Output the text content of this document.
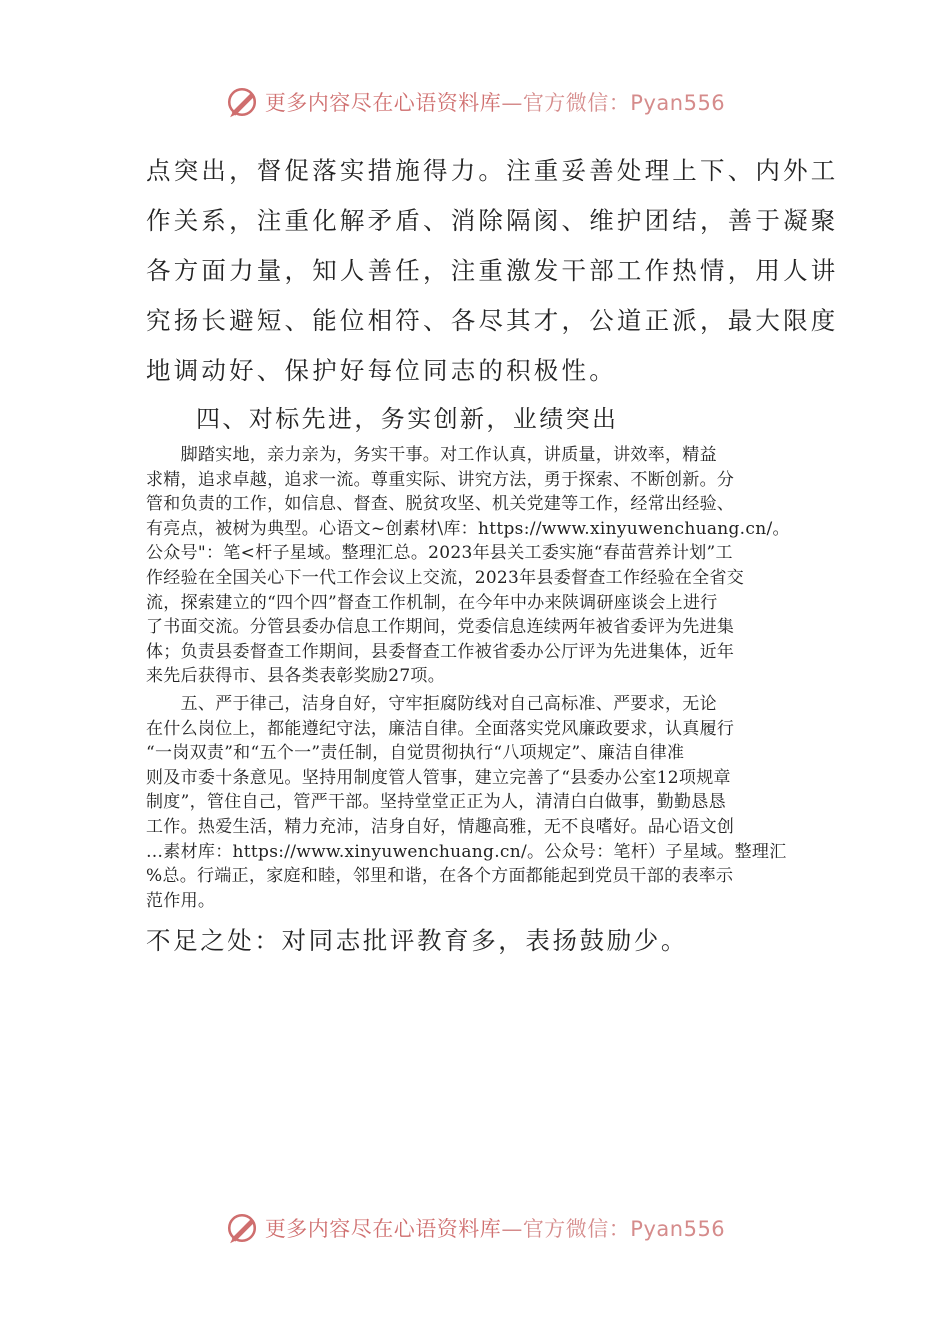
更多内容尽在心语资料库 —官方微信：Pyan556

点突出，督促落实措施得力。注重妥善处理上下、内外工

作关系，注重化解矛盾、消除隔阂、维护团结，善于凝聚

各方面力量，知人善任，注重激发干部工作热情，用人讲

究扬长避短、能位相符、各尽其才，公道正派，最大限度

地调动好、保护好每位同志的积极性。

四、对标先进，务实创新，业绩突出

　　脚踏实地，亲力亲为，务实干事。对工作认真，讲质量，讲效率，精益

求精，追求卓越，追求一流。尊重实际、讲究方法，勇于探索、不断创新。分

管和负责的工作，如信息、督查、脱贫攻坚、机关党建等工作，经常出经验、

有亮点，被树为典型。心语文~创素材\库：https://www.xinyuwenchuang.cn/。

公众号"：笔<杆子星域。整理汇总。2023年县关工委实施“春苗营养计划”工

作经验在全国关心下一代工作会议上交流，2023年县委督查工作经验在全省交

流，探索建立的“四个四”督查工作机制，在今年中办来陕调研座谈会上进行

了书面交流。分管县委办信息工作期间，党委信息连续两年被省委评为先进集

体；负责县委督查工作期间，县委督查工作被省委办公厅评为先进集体，近年

来先后获得市、县各类表彰奖励27项。

　　五、严于律己，洁身自好，守牢拒腐防线对自己高标准、严要求，无论

在什么岗位上，都能遵纪守法，廉洁自律。全面落实党风廉政要求，认真履行

“一岗双责”和“五个一”责任制，自觉贯彻执行“八项规定”、廉洁自律准

则及市委十条意见。坚持用制度管人管事，建立完善了“县委办公室12项规章

制度”，管住自己，管严干部。坚持堂堂正正为人，清清白白做事，勤勤恳恳

工作。热爱生活，精力充沛，洁身自好，情趣高雅，无不良嗜好。品心语文创

…素材库：https://www.xinyuwenchuang.cn/。公众号：笔杆）子星域。整理汇

%总。行端正，家庭和睦，邻里和谐，在各个方面都能起到党员干部的表率示

范作用。

不足之处：对同志批评教育多，表扬鼓励少。

更多内容尽在心语资料库 —官方微信：Pyan556
